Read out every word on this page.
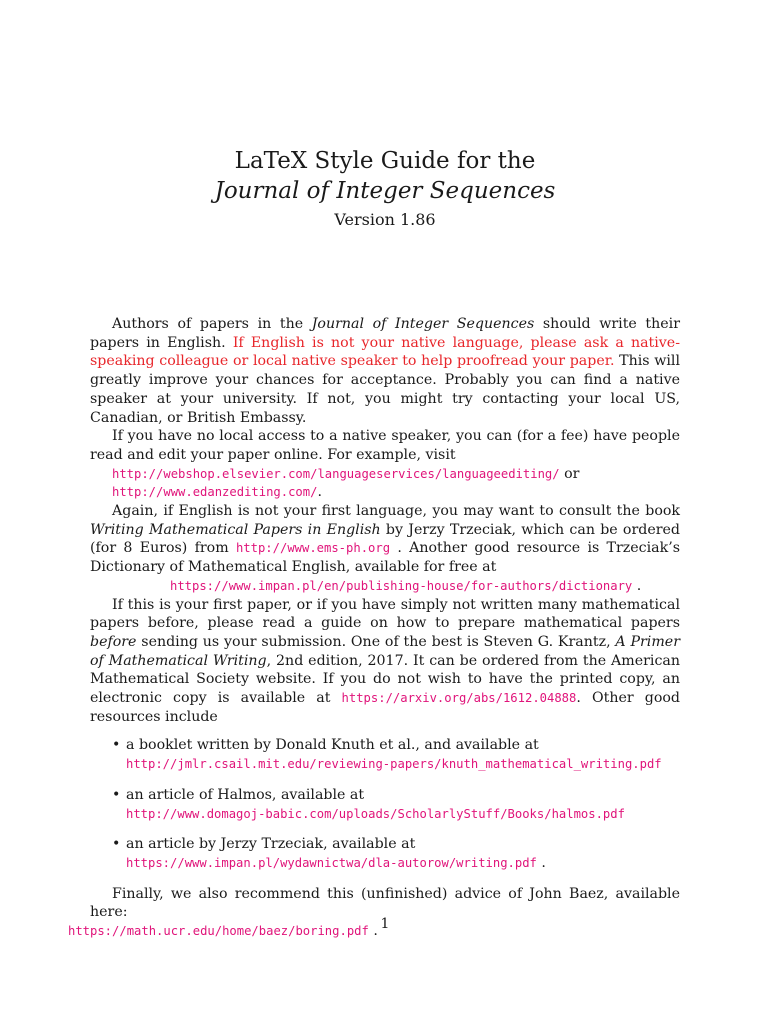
LaTeX Style Guide for the
Journal of Integer Sequences
Version 1.86

Authors of papers in the Journal of Integer Sequences should write their papers in English. If English is not your native language, please ask a native-speaking colleague or local native speaker to help proofread your paper. This will greatly improve your chances for acceptance. Probably you can find a native speaker at your university. If not, you might try contacting your local US, Canadian, or British Embassy.

If you have no local access to a native speaker, you can (for a fee) have people read and edit your paper online. For example, visit
http://webshop.elsevier.com/languageservices/languageediting/ or
http://www.edanzediting.com/.

Again, if English is not your first language, you may want to consult the book Writing Mathematical Papers in English by Jerzy Trzeciak, which can be ordered (for 8 Euros) from http://www.ems-ph.org . Another good resource is Trzeciak’s Dictionary of Mathematical English, available for free at
https://www.impan.pl/en/publishing-house/for-authors/dictionary .

If this is your first paper, or if you have simply not written many mathematical papers before, please read a guide on how to prepare mathematical papers before sending us your submission. One of the best is Steven G. Krantz, A Primer of Mathematical Writing, 2nd edition, 2017. It can be ordered from the American Mathematical Society website. If you do not wish to have the printed copy, an electronic copy is available at https://arxiv.org/abs/1612.04888. Other good resources include

• a booklet written by Donald Knuth et al., and available at
http://jmlr.csail.mit.edu/reviewing-papers/knuth_mathematical_writing.pdf
• an article of Halmos, available at
http://www.domagoj-babic.com/uploads/ScholarlyStuff/Books/halmos.pdf
• an article by Jerzy Trzeciak, available at
https://www.impan.pl/wydawnictwa/dla-autorow/writing.pdf .

Finally, we also recommend this (unfinished) advice of John Baez, available here:
https://math.ucr.edu/home/baez/boring.pdf . 1
